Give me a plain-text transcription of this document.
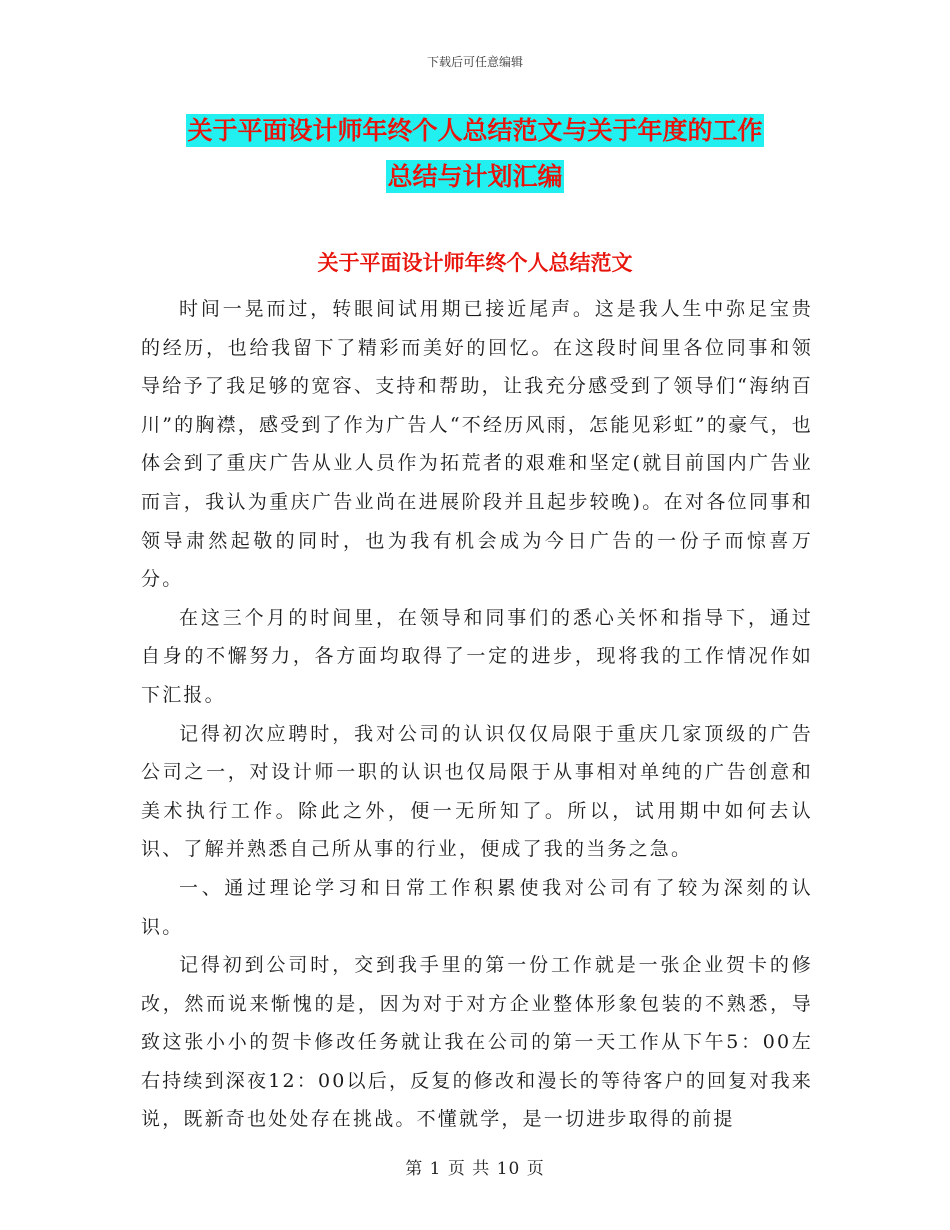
下载后可任意编辑
关于平面设计师年终个人总结范文与关于年度的工作
总结与计划汇编
关于平面设计师年终个人总结范文

时间一晃而过，转眼间试用期已接近尾声。这是我人生中弥足宝贵的经历，也给我留下了精彩而美好的回忆。在这段时间里各位同事和领导给予了我足够的宽容、支持和帮助，让我充分感受到了领导们“海纳百川”的胸襟，感受到了作为广告人“不经历风雨，怎能见彩虹”的豪气，也体会到了重庆广告从业人员作为拓荒者的艰难和坚定(就目前国内广告业而言，我认为重庆广告业尚在进展阶段并且起步较晚)。在对各位同事和领导肃然起敬的同时，也为我有机会成为今日广告的一份子而惊喜万分。

在这三个月的时间里，在领导和同事们的悉心关怀和指导下，通过自身的不懈努力，各方面均取得了一定的进步，现将我的工作情况作如下汇报。

记得初次应聘时，我对公司的认识仅仅局限于重庆几家顶级的广告公司之一，对设计师一职的认识也仅局限于从事相对单纯的广告创意和美术执行工作。除此之外，便一无所知了。所以，试用期中如何去认识、了解并熟悉自己所从事的行业，便成了我的当务之急。

一、通过理论学习和日常工作积累使我对公司有了较为深刻的认识。

记得初到公司时，交到我手里的第一份工作就是一张企业贺卡的修改，然而说来惭愧的是，因为对于对方企业整体形象包装的不熟悉，导致这张小小的贺卡修改任务就让我在公司的第一天工作从下午5：00左右持续到深夜12：00以后，反复的修改和漫长的等待客户的回复对我来说，既新奇也处处存在挑战。不懂就学，是一切进步取得的前提

第 1 页 共 10 页
